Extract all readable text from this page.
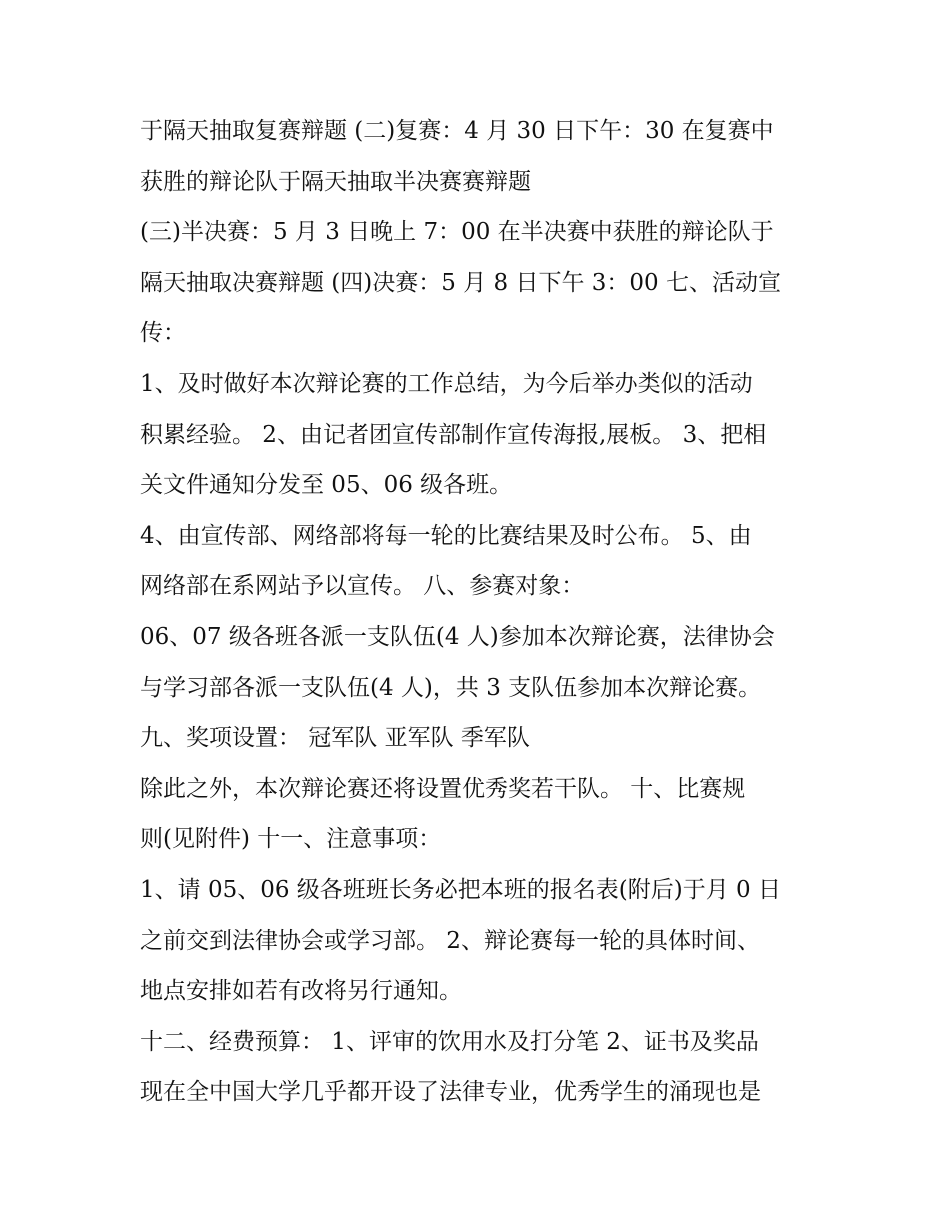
于隔天抽取复赛辩题 (二)复赛：4 月 30 日下午：30 在复赛中
获胜的辩论队于隔天抽取半决赛赛辩题
(三)半决赛：5 月 3 日晚上 7：00 在半决赛中获胜的辩论队于
隔天抽取决赛辩题 (四)决赛：5 月 8 日下午 3：00 七、活动宣
传：
1、及时做好本次辩论赛的工作总结，为今后举办类似的活动
积累经验。 2、由记者团宣传部制作宣传海报,展板。 3、把相
关文件通知分发至 05、06 级各班。
4、由宣传部、网络部将每一轮的比赛结果及时公布。 5、由
网络部在系网站予以宣传。 八、参赛对象：
06、07 级各班各派一支队伍(4 人)参加本次辩论赛，法律协会
与学习部各派一支队伍(4 人)，共 3 支队伍参加本次辩论赛。
九、奖项设置： 冠军队 亚军队 季军队
除此之外，本次辩论赛还将设置优秀奖若干队。 十、比赛规
则(见附件) 十一、注意事项：
1、请 05、06 级各班班长务必把本班的报名表(附后)于月 0 日
之前交到法律协会或学习部。 2、辩论赛每一轮的具体时间、
地点安排如若有改将另行通知。
十二、经费预算： 1、评审的饮用水及打分笔 2、证书及奖品
现在全中国大学几乎都开设了法律专业，优秀学生的涌现也是
